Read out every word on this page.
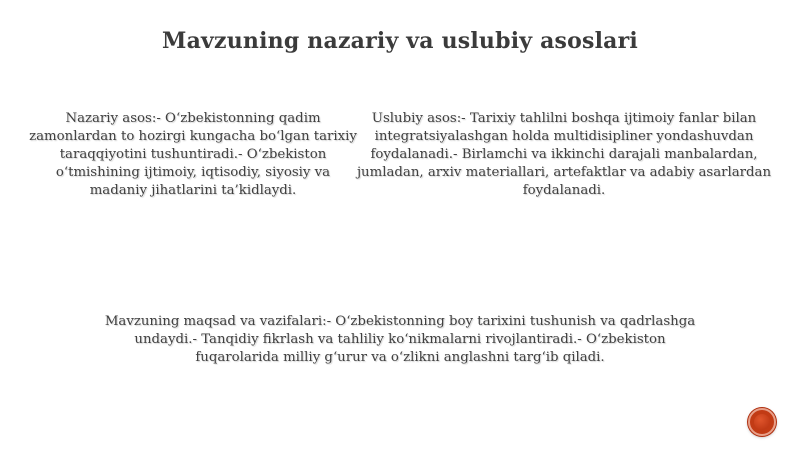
Mavzuning nazariy va uslubiy asoslari
Nazariy asos:- O‘zbekistonning qadim zamonlardan to hozirgi kungacha bo‘lgan tarixiy taraqqiyotini tushuntiradi.- O‘zbekiston o‘tmishining ijtimoiy, iqtisodiy, siyosiy va madaniy jihatlarini ta’kidlaydi.
Uslubiy asos:- Tarixiy tahlilni boshqa ijtimoiy fanlar bilan integratsiyalashgan holda multidisipliner yondashuvdan foydalanadi.- Birlamchi va ikkinchi darajali manbalardan, jumladan, arxiv materiallari, artefaktlar va adabiy asarlardan foydalanadi.
Mavzuning maqsad va vazifalari:- O‘zbekistonning boy tarixini tushunish va qadrlashga undaydi.- Tanqidiy fikrlash va tahliliy ko‘nikmalarni rivojlantiradi.- O‘zbekiston fuqarolarida milliy g‘urur va o‘zlikni anglashni targ‘ib qiladi.
